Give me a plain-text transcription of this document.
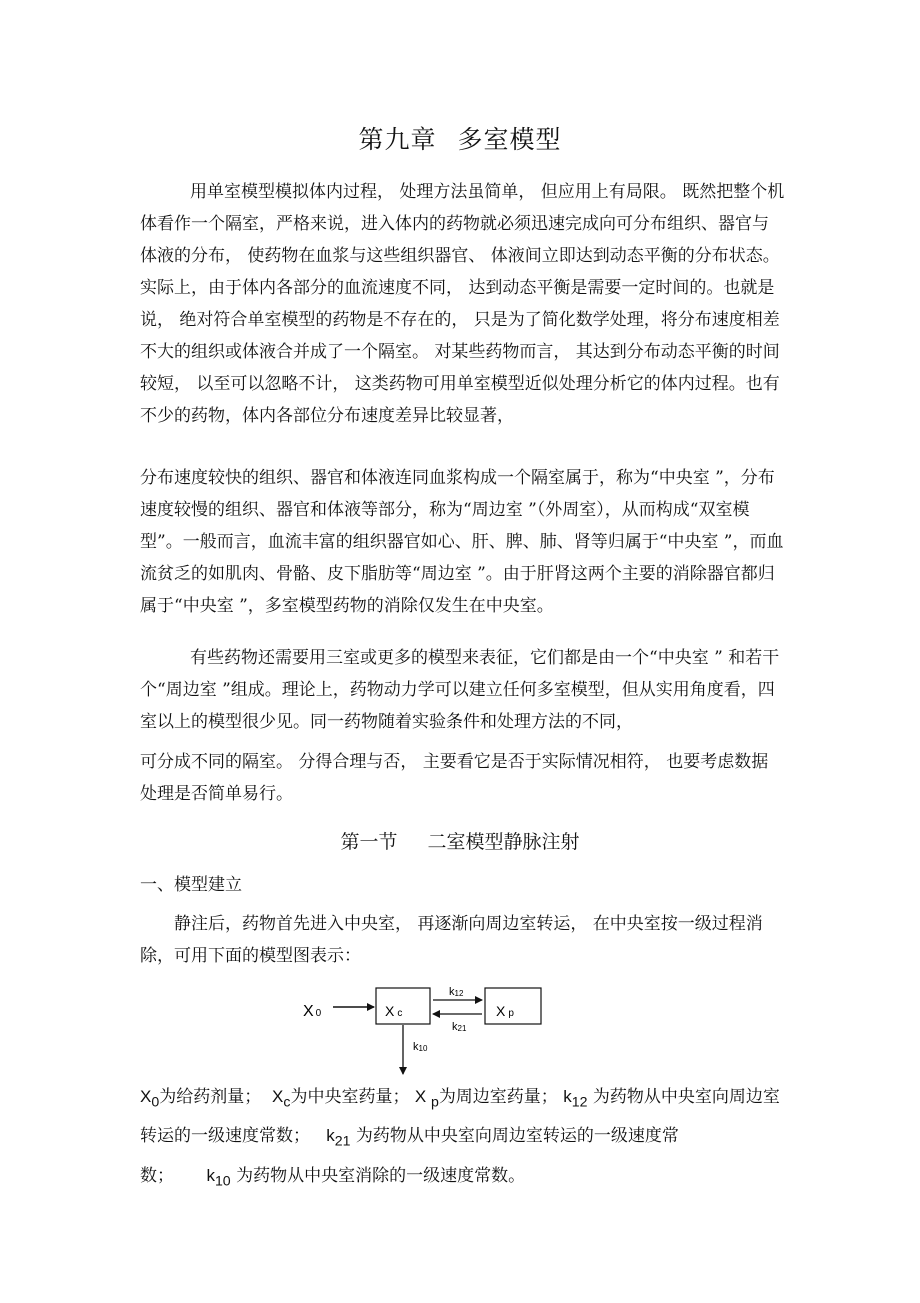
第九章 多室模型

用单室模型模拟体内过程， 处理方法虽简单， 但应用上有局限。 既然把整个机体看作一个隔室，严格来说，进入体内的药物就必须迅速完成向可分布组织、器官与体液的分布， 使药物在血浆与这些组织器官、 体液间立即达到动态平衡的分布状态。实际上，由于体内各部分的血流速度不同， 达到动态平衡是需要一定时间的。也就是说， 绝对符合单室模型的药物是不存在的， 只是为了简化数学处理，将分布速度相差不大的组织或体液合并成了一个隔室。 对某些药物而言， 其达到分布动态平衡的时间较短， 以至可以忽略不计， 这类药物可用单室模型近似处理分析它的体内过程。也有不少的药物，体内各部位分布速度差异比较显著，

分布速度较快的组织、器官和体液连同血浆构成一个隔室属于，称为“中央室 ”，分布速度较慢的组织、器官和体液等部分，称为“周边室 ”（外周室），从而构成“双室模型”。一般而言，血流丰富的组织器官如心、肝、脾、肺、肾等归属于“中央室 ”，而血流贫乏的如肌肉、骨骼、皮下脂肪等“周边室 ”。由于肝肾这两个主要的消除器官都归属于“中央室 ”，多室模型药物的消除仅发生在中央室。

有些药物还需要用三室或更多的模型来表征，它们都是由一个“中央室 ” 和若干个“周边室 ”组成。理论上，药物动力学可以建立任何多室模型，但从实用角度看，四室以上的模型很少见。同一药物随着实验条件和处理方法的不同，

可分成不同的隔室。 分得合理与否， 主要看它是否于实际情况相符， 也要考虑数据处理是否简单易行。

第一节 二室模型静脉注射
一、模型建立

静注后，药物首先进入中央室， 再逐渐向周边室转运， 在中央室按一级过程消除，可用下面的模型图表示：

X 0	X c	X p
k12
k21
k10

$X_0$为给药剂量； $X_c$为中央室药量； X $_p$为周边室药量； $k_{12}$ 为药物从中央室向周边室转运的一级速度常数； $k_{21}$ 为药物从中央室向周边室转运的一级速度常数； $k_{10}$ 为药物从中央室消除的一级速度常数。
